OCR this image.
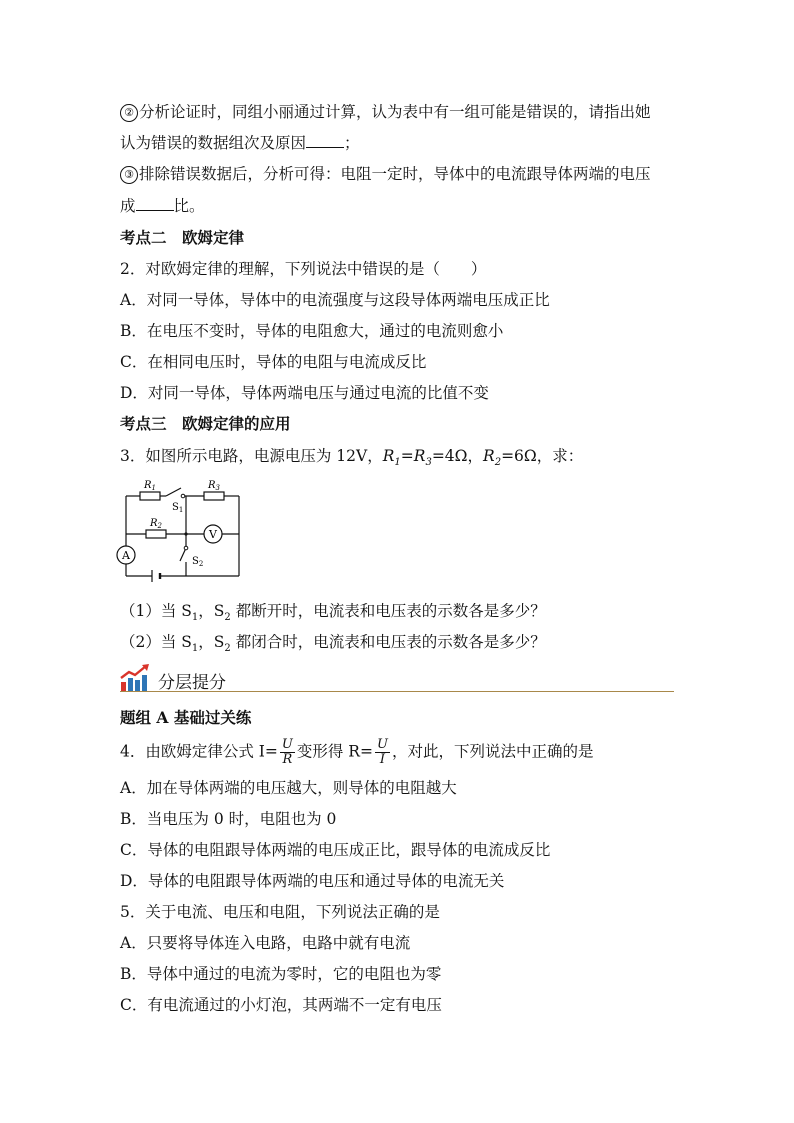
② 分析论证时，同组小丽通过计算，认为表中有一组可能是错误的，请指出她
认为错误的数据组次及原因 ；
③ 排除错误数据后，分析可得：电阻一定时，导体中的电流跟导体两端的电压
成 比。
考点二　欧姆定律
2．对欧姆定律的理解，下列说法中错误的是（　　）
A．对同一导体，导体中的电流强度与这段导体两端电压成正比
B．在电压不变时，导体的电阻愈大，通过的电流则愈小
C．在相同电压时，导体的电阻与电流成反比
D．对同一导体，导体两端电压与通过电流的比值不变
考点三　欧姆定律的应用
3．如图所示电路，电源电压为 12V，$R_1=R_3=4\Omega$，$R_2=6\Omega$，求：
V
A
$R_1$	$R_3$
$R_2$
$S_1$
$S_2$
（1）当 $S_1$，$S_2$ 都断开时，电流表和电压表的示数各是多少？
（2）当 $S_1$，$S_2$ 都闭合时，电流表和电压表的示数各是多少？
分层提分
题组 A 基础过关练
4．由欧姆定律公式 $I= \frac{U}{R}$ 变形得 $R= \frac{U}{I}$ ，对此，下列说法中正确的是
A．加在导体两端的电压越大，则导体的电阻越大
B．当电压为 0 时，电阻也为 0
C．导体的电阻跟导体两端的电压成正比，跟导体的电流成反比
D．导体的电阻跟导体两端的电压和通过导体的电流无关
5．关于电流、电压和电阻，下列说法正确的是
A．只要将导体连入电路，电路中就有电流
B．导体中通过的电流为零时，它的电阻也为零
C．有电流通过的小灯泡，其两端不一定有电压
